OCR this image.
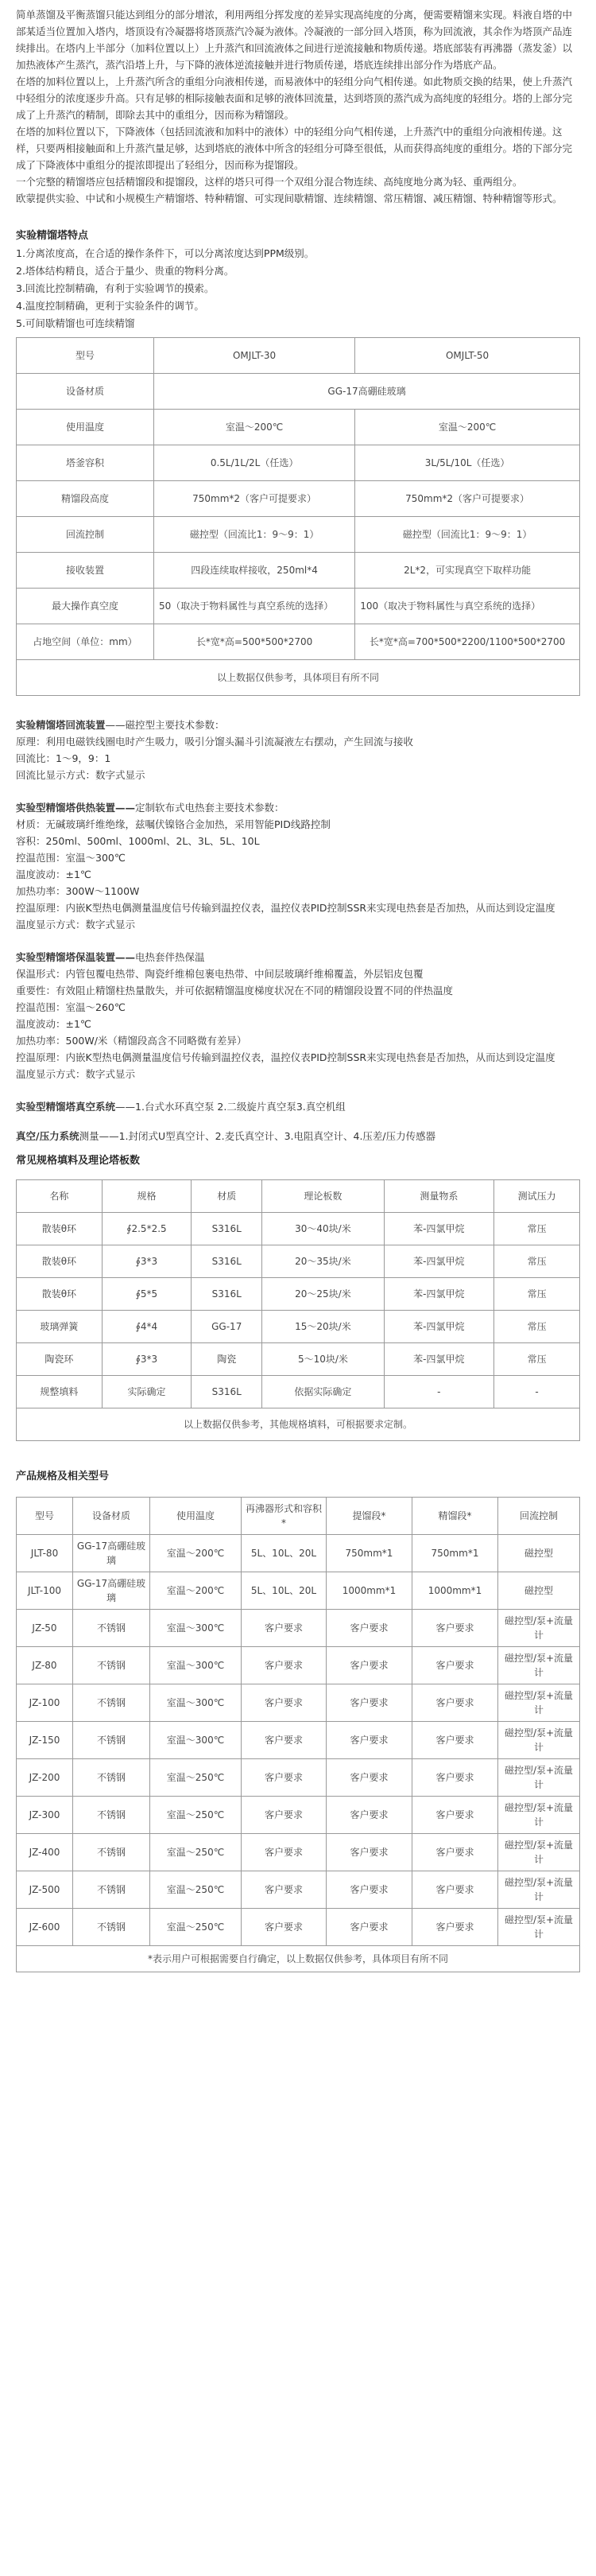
简单蒸馏及平衡蒸馏只能达到组分的部分增浓，利用两组分挥发度的差异实现高纯度的分离，便需要精馏来实现。料液自塔的中部某适当位置加入塔内，塔顶设有冷凝器将塔顶蒸汽冷凝为液体。冷凝液的一部分回入塔顶，称为回流液，其余作为塔顶产品连续排出。在塔内上半部分（加料位置以上）上升蒸汽和回流液体之间进行逆流接触和物质传递。塔底部装有再沸器（蒸发釜）以加热液体产生蒸汽，蒸汽沿塔上升，与下降的液体逆流接触并进行物质传递，塔底连续排出部分作为塔底产品。

在塔的加料位置以上，上升蒸汽所含的重组分向液相传递，而易液体中的轻组分向气相传递。如此物质交换的结果，使上升蒸汽中轻组分的浓度逐步升高。只有足够的相际接触表面和足够的液体回流量，达到塔顶的蒸汽成为高纯度的轻组分。塔的上部分完成了上升蒸汽的精制，即除去其中的重组分，因而称为精馏段。

在塔的加料位置以下，下降液体（包括回流液和加料中的液体）中的轻组分向气相传递，上升蒸汽中的重组分向液相传递。这样，只要两相接触面和上升蒸汽量足够，达到塔底的液体中所含的轻组分可降至很低，从而获得高纯度的重组分。塔的下部分完成了下降液体中重组分的提浓即提出了轻组分，因而称为提馏段。

一个完整的精馏塔应包括精馏段和提馏段，这样的塔只可得一个双组分混合物连续、高纯度地分离为轻、重两组分。

欧蒙提供实验、中试和小规模生产精馏塔、特种精馏、可实现间歇精馏、连续精馏、常压精馏、减压精馏、特种精馏等形式。

实验精馏塔特点

1.分离浓度高，在合适的操作条件下，可以分离浓度达到PPM级别。

2.塔体结构精良，适合于量少、贵重的物料分离。

3.回流比控制精确，有利于实验调节的摸索。

4.温度控制精确，更利于实验条件的调节。

5.可间歇精馏也可连续精馏

型号	OMJLT-30	OMJLT-50
设备材质	GG-17高硼硅玻璃	
使用温度	室温～200℃	室温～200℃
塔釜容积	0.5L/1L/2L（任选）	3L/5L/10L（任选）
精馏段高度	750mm*2（客户可提要求）	750mm*2（客户可提要求）
回流控制	磁控型（回流比1：9～9：1）	磁控型（回流比1：9～9：1）
接收装置	四段连续取样接收，250ml*4	2L*2，可实现真空下取样功能
最大操作真空度	50（取决于物料属性与真空系统的选择）	100（取决于物料属性与真空系统的选择）
占地空间（单位：mm）	长*宽*高=500*500*2700	长*宽*高=700*500*2200/1100*500*2700
以上数据仅供参考，具体项目有所不同		

实验精馏塔回流装置——磁控型主要技术参数：

原理：利用电磁铁线圈电时产生吸力，吸引分馏头漏斗引流凝液左右摆动，产生回流与接收

回流比：1～9，9：1

回流比显示方式：数字式显示

实验型精馏塔供热装置——定制软布式电热套主要技术参数：

材质：无碱玻璃纤维绝缘，兹嘱伏镍铬合金加热，采用智能PID线路控制

容积：250ml、500ml、1000ml、2L、3L、5L、10L

控温范围：室温～300℃

温度波动：±1℃

加热功率：300W～1100W

控温原理：内嵌K型热电偶测量温度信号传输到温控仪表，温控仪表PID控制SSR来实现电热套是否加热，从而达到设定温度

温度显示方式：数字式显示

实验型精馏塔保温装置——电热套伴热保温

保温形式：内管包覆电热带、陶瓷纤维棉包裹电热带、中间层玻璃纤维棉覆盖，外层铝皮包覆

重要性：有效阻止精馏柱热量散失，并可依据精馏温度梯度状况在不同的精馏段设置不同的伴热温度

控温范围：室温～260℃

温度波动：±1℃

加热功率：500W/米（精馏段高含不同略微有差异）

控温原理：内嵌K型热电偶测量温度信号传输到温控仪表，温控仪表PID控制SSR来实现电热套是否加热，从而达到设定温度

温度显示方式：数字式显示

实验型精馏塔真空系统——1.台式水环真空泵 2.二级旋片真空泵3.真空机组

真空/压力系统测量——1.封闭式U型真空计、2.麦氏真空计、3.电阻真空计、4.压差/压力传感器

常见规格填料及理论塔板数

名称	规格	材质	理论板数	测量物系	测试压力
散装θ环	∮2.5*2.5	S316L	30～40块/米	苯-四氯甲烷	常压
散装θ环	∮3*3	S316L	20～35块/米	苯-四氯甲烷	常压
散装θ环	∮5*5	S316L	20～25块/米	苯-四氯甲烷	常压
玻璃弹簧	∮4*4	GG-17	15～20块/米	苯-四氯甲烷	常压
陶瓷环	∮3*3	陶瓷	5～10块/米	苯-四氯甲烷	常压
规整填料	实际确定	S316L	依据实际确定	-	-
以上数据仅供参考，其他规格填料，可根据要求定制。					

产品规格及相关型号

型号	设备材质	使用温度	再沸器形式和容积*	提馏段*	精馏段*	回流控制
JLT-80	GG-17高硼硅玻璃	室温～200℃	5L、10L、20L	750mm*1	750mm*1	磁控型
JLT-100	GG-17高硼硅玻璃	室温～200℃	5L、10L、20L	1000mm*1	1000mm*1	磁控型
JZ-50	不锈钢	室温～300℃	客户要求	客户要求	客户要求	磁控型/泵+流量计
JZ-80	不锈钢	室温～300℃	客户要求	客户要求	客户要求	磁控型/泵+流量计
JZ-100	不锈钢	室温～300℃	客户要求	客户要求	客户要求	磁控型/泵+流量计
JZ-150	不锈钢	室温～300℃	客户要求	客户要求	客户要求	磁控型/泵+流量计
JZ-200	不锈钢	室温～250℃	客户要求	客户要求	客户要求	磁控型/泵+流量计
JZ-300	不锈钢	室温～250℃	客户要求	客户要求	客户要求	磁控型/泵+流量计
JZ-400	不锈钢	室温～250℃	客户要求	客户要求	客户要求	磁控型/泵+流量计
JZ-500	不锈钢	室温～250℃	客户要求	客户要求	客户要求	磁控型/泵+流量计
JZ-600	不锈钢	室温～250℃	客户要求	客户要求	客户要求	磁控型/泵+流量计
*表示用户可根据需要自行确定，以上数据仅供参考，具体项目有所不同						
